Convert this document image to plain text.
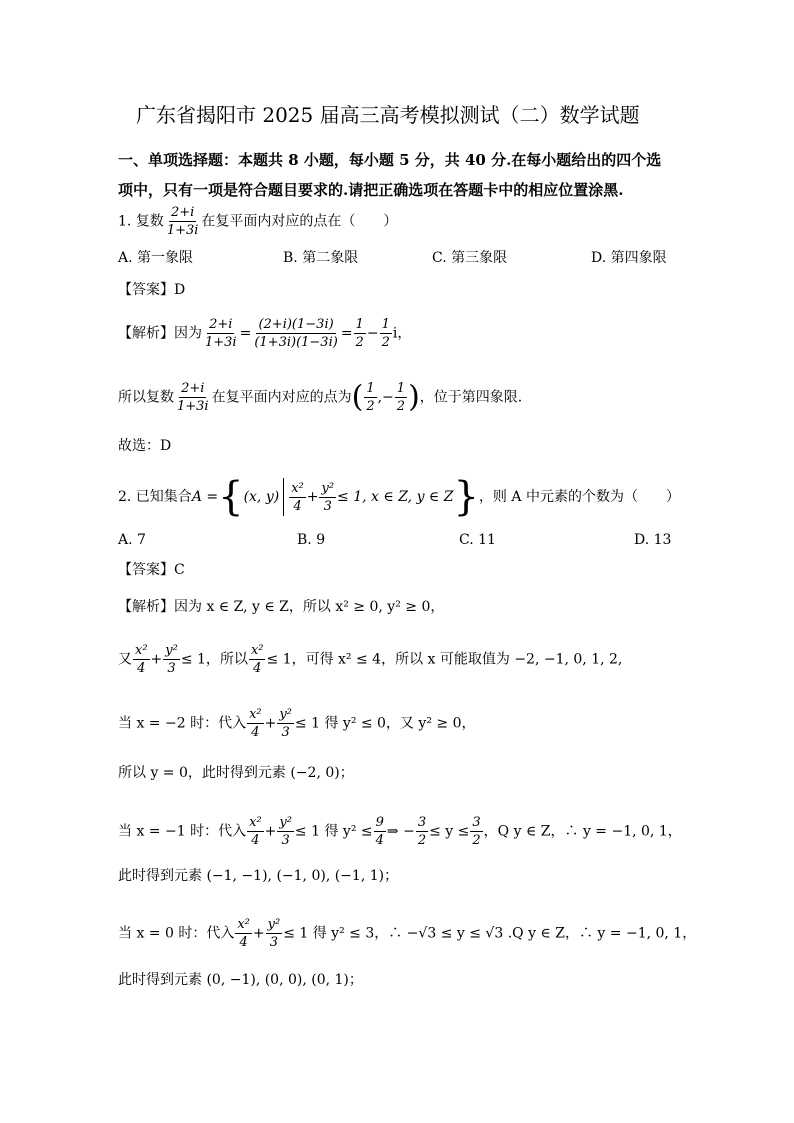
广东省揭阳市 2025 届高三高考模拟测试（二）数学试题
一、单项选择题：本题共 8 小题，每小题 5 分，共 40 分.在每小题给出的四个选
项中，只有一项是符合题目要求的.请把正确选项在答题卡中的相应位置涂黑.
1. 复数 $\frac{2+i}{1+3i}$ 在复平面内对应的点在（　　）
A. 第一象限	B. 第二象限	C. 第三象限	D. 第四象限
【答案】D
【解析】因为 $\frac{2+i}{1+3i} = \frac{(2+i)(1-3i)}{(1+3i)(1-3i)} = \frac{1}{2} - \frac{1}{2}$ i，
所以复数 $\frac{2+i}{1+3i}$ 在复平面内对应的点为( $\frac{1}{2}$ ,− $\frac{1}{2}$ )，位于第四象限.
故选：D
2. 已知集合A ={(x, $y) \frac{\text{x²}}{4} + \frac{\text{y²}}{3} \le 1$, x ∈ Z, y ∈ Z}，则 A 中元素的个数为（　　）
A. 7	B. 9	C. 11	D. 13
【答案】C
【解析】因为 x ∈ Z, y ∈ Z，所以 x² ≥ 0, y² ≥ 0，
又 $\frac{\text{x²}}{4} + \frac{\text{y²}}{3} \le 1$，所以 $\frac{\text{x²}}{4} \le 1$，可得 x² ≤ 4，所以 x 可能取值为 −2, −1, 0, 1, 2,
当 x = −2 时：代入 $\frac{\text{x²}}{4} + \frac{\text{y²}}{3} \le 1$ 得 y² ≤ 0，又 y² ≥ 0，
所以 y = 0，此时得到元素 (−2, 0)；
当 x = −1 时：代入 $\frac{\text{x²}}{4} + \frac{\text{y²}}{3} \le 1$ 得 $y^2 \le \frac{9}{4}$ ⇒ − $\frac{3}{2} \le y \le \frac{3}{2}$ ，Q y ∈ Z，∴ y = −1, 0, 1，
此时得到元素 (−1, −1), (−1, 0), (−1, 1)；
当 x = 0 时：代入 $\frac{\text{x²}}{4} + \frac{\text{y²}}{3} \le 1$ 得 y² ≤ 3，∴ −√3 ≤ y ≤ √3 .Q y ∈ Z，∴ y = −1, 0, 1，
此时得到元素 (0, −1), (0, 0), (0, 1)；
